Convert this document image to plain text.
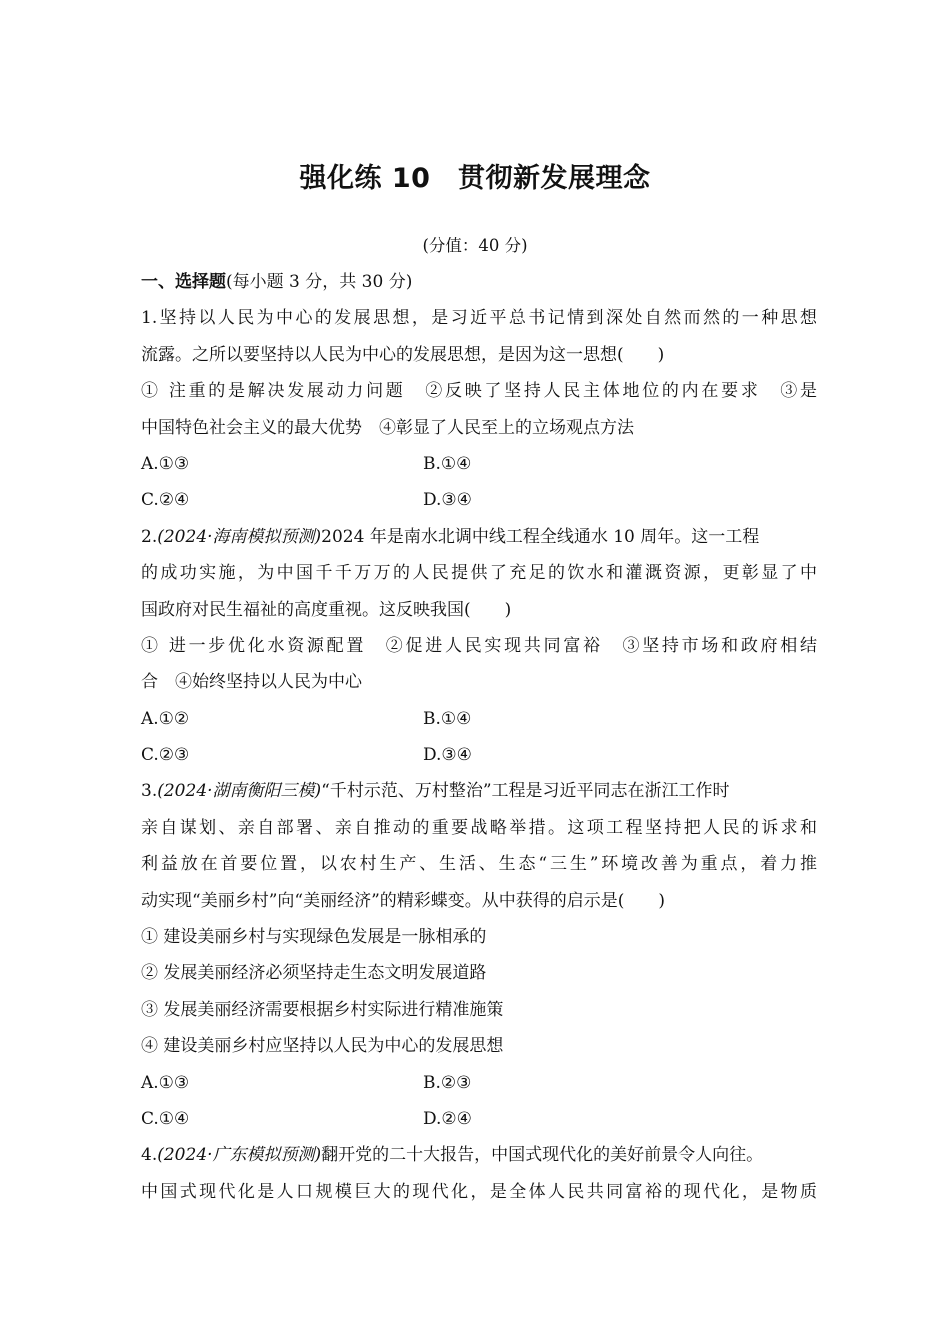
强化练 10　贯彻新发展理念
(分值：40 分)
一、选择题(每小题 3 分，共 30 分)
1.坚持以人民为中心的发展思想，是习近平总书记情到深处自然而然的一种思想
流露。之所以要坚持以人民为中心的发展思想，是因为这一思想(　　)
① 注重的是解决发展动力问题　②反映了坚持人民主体地位的内在要求　③是
中国特色社会主义的最大优势　④彰显了人民至上的立场观点方法
A.①③	B.①④
C.②④	D.③④
2.(2024·海南模拟预测)2024 年是南水北调中线工程全线通水 10 周年。这一工程
的成功实施，为中国千千万万的人民提供了充足的饮水和灌溉资源，更彰显了中
国政府对民生福祉的高度重视。这反映我国(　　)
① 进一步优化水资源配置　②促进人民实现共同富裕　③坚持市场和政府相结
合　④始终坚持以人民为中心
A.①②	B.①④
C.②③	D.③④
3.(2024·湖南衡阳三模)“千村示范、万村整治”工程是习近平同志在浙江工作时
亲自谋划、亲自部署、亲自推动的重要战略举措。这项工程坚持把人民的诉求和
利益放在首要位置，以农村生产、生活、生态“三生”环境改善为重点，着力推
动实现“美丽乡村”向“美丽经济”的精彩蝶变。从中获得的启示是(　　)
① 建设美丽乡村与实现绿色发展是一脉相承的
② 发展美丽经济必须坚持走生态文明发展道路
③ 发展美丽经济需要根据乡村实际进行精准施策
④ 建设美丽乡村应坚持以人民为中心的发展思想
A.①③	B.②③
C.①④	D.②④
4.(2024·广东模拟预测)翻开党的二十大报告，中国式现代化的美好前景令人向往。
中国式现代化是人口规模巨大的现代化，是全体人民共同富裕的现代化，是物质
